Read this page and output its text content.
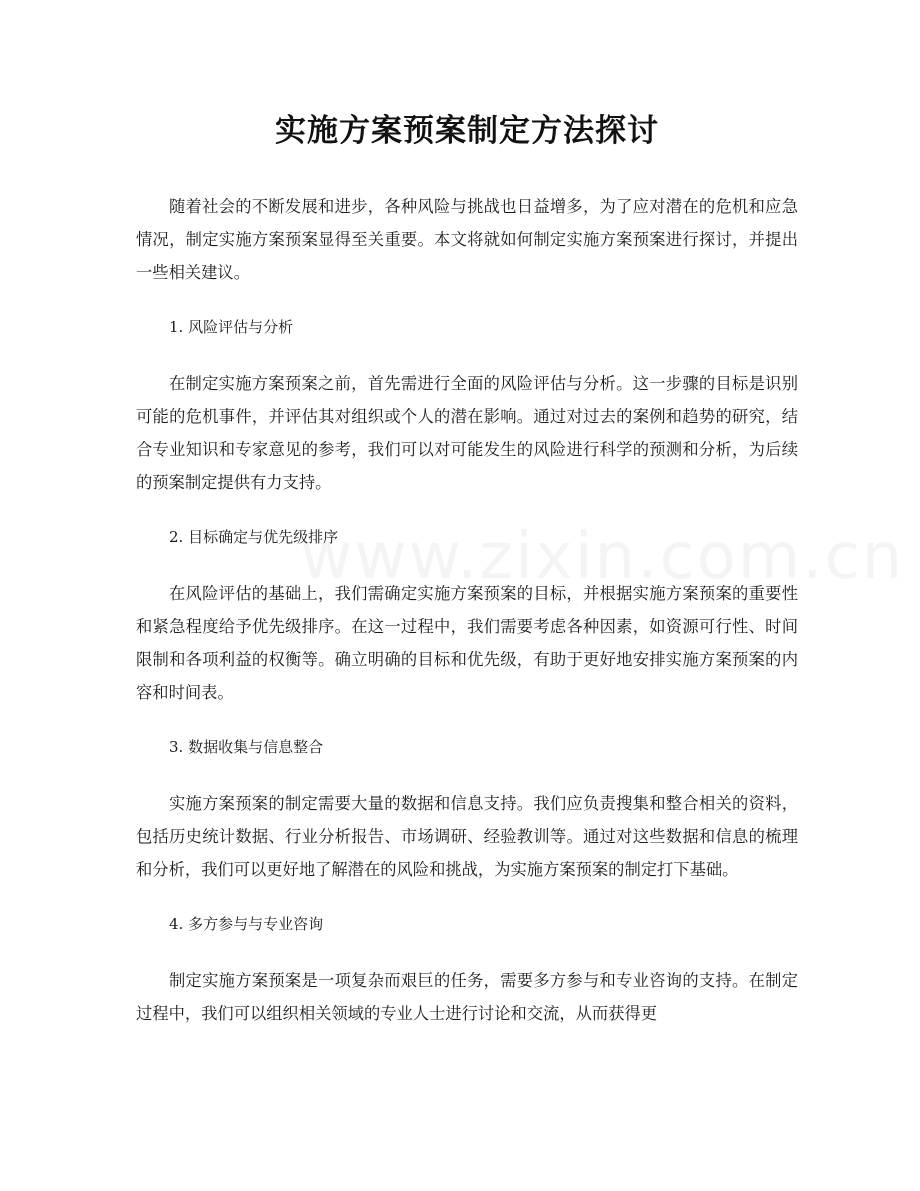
实施方案预案制定方法探讨

随着社会的不断发展和进步，各种风险与挑战也日益增多，为了应对潜在的危机和应急情况，制定实施方案预案显得至关重要。本文将就如何制定实施方案预案进行探讨，并提出一些相关建议。

1. 风险评估与分析

在制定实施方案预案之前，首先需进行全面的风险评估与分析。这一步骤的目标是识别可能的危机事件，并评估其对组织或个人的潜在影响。通过对过去的案例和趋势的研究，结合专业知识和专家意见的参考，我们可以对可能发生的风险进行科学的预测和分析，为后续的预案制定提供有力支持。

2. 目标确定与优先级排序

在风险评估的基础上，我们需确定实施方案预案的目标，并根据实施方案预案的重要性和紧急程度给予优先级排序。在这一过程中，我们需要考虑各种因素，如资源可行性、时间限制和各项利益的权衡等。确立明确的目标和优先级，有助于更好地安排实施方案预案的内容和时间表。

3. 数据收集与信息整合

实施方案预案的制定需要大量的数据和信息支持。我们应负责搜集和整合相关的资料，包括历史统计数据、行业分析报告、市场调研、经验教训等。通过对这些数据和信息的梳理和分析，我们可以更好地了解潜在的风险和挑战，为实施方案预案的制定打下基础。

4. 多方参与与专业咨询

制定实施方案预案是一项复杂而艰巨的任务，需要多方参与和专业咨询的支持。在制定过程中，我们可以组织相关领域的专业人士进行讨论和交流，从而获得更
